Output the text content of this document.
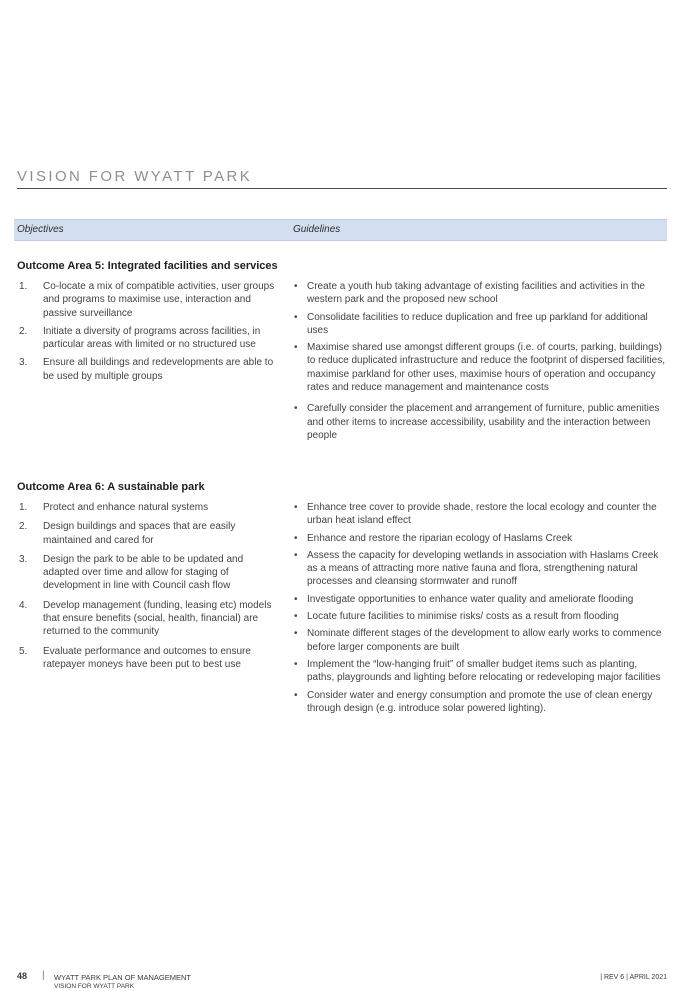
VISION FOR WYATT PARK
Objectives	Guidelines
Outcome Area 5: Integrated facilities and services
1. Co-locate a mix of compatible activities, user groups and programs to maximise use, interaction and passive surveillance
2. Initiate a diversity of programs across facilities, in particular areas with limited or no structured use
3. Ensure all buildings and redevelopments are able to be used by multiple groups
• Create a youth hub taking advantage of existing facilities and activities in the western park and the proposed new school
• Consolidate facilities to reduce duplication and free up parkland for additional uses
• Maximise shared use amongst different groups (i.e. of courts, parking, buildings) to reduce duplicated infrastructure and reduce the footprint of dispersed facilities, maximise parkland for other uses, maximise hours of operation and occupancy rates and reduce management and maintenance costs
• Carefully consider the placement and arrangement of furniture, public amenities and other items to increase accessibility, usability and the interaction between people
Outcome Area 6: A sustainable park
1. Protect and enhance natural systems
2. Design buildings and spaces that are easily maintained and cared for
3. Design the park to be able to be updated and adapted over time and allow for staging of development in line with Council cash flow
4. Develop management (funding, leasing etc) models that ensure benefits (social, health, financial) are returned to the community
5. Evaluate performance and outcomes to ensure ratepayer moneys have been put to best use
• Enhance tree cover to provide shade, restore the local ecology and counter the urban heat island effect
• Enhance and restore the riparian ecology of Haslams Creek
• Assess the capacity for developing wetlands in association with Haslams Creek as a means of attracting more native fauna and flora, strengthening natural processes and cleansing stormwater and runoff
• Investigate opportunities to enhance water quality and ameliorate flooding
• Locate future facilities to minimise risks/ costs as a result from flooding
• Nominate different stages of the development to allow early works to commence before larger components are built
• Implement the “low-hanging fruit” of smaller budget items such as planting, paths, playgrounds and lighting before relocating or redeveloping major facilities
• Consider water and energy consumption and promote the use of clean energy through design (e.g. introduce solar powered lighting).
48 | WYATT PARK PLAN OF MANAGEMENT
VISION FOR WYATT PARK
| REV 6 | APRIL 2021
